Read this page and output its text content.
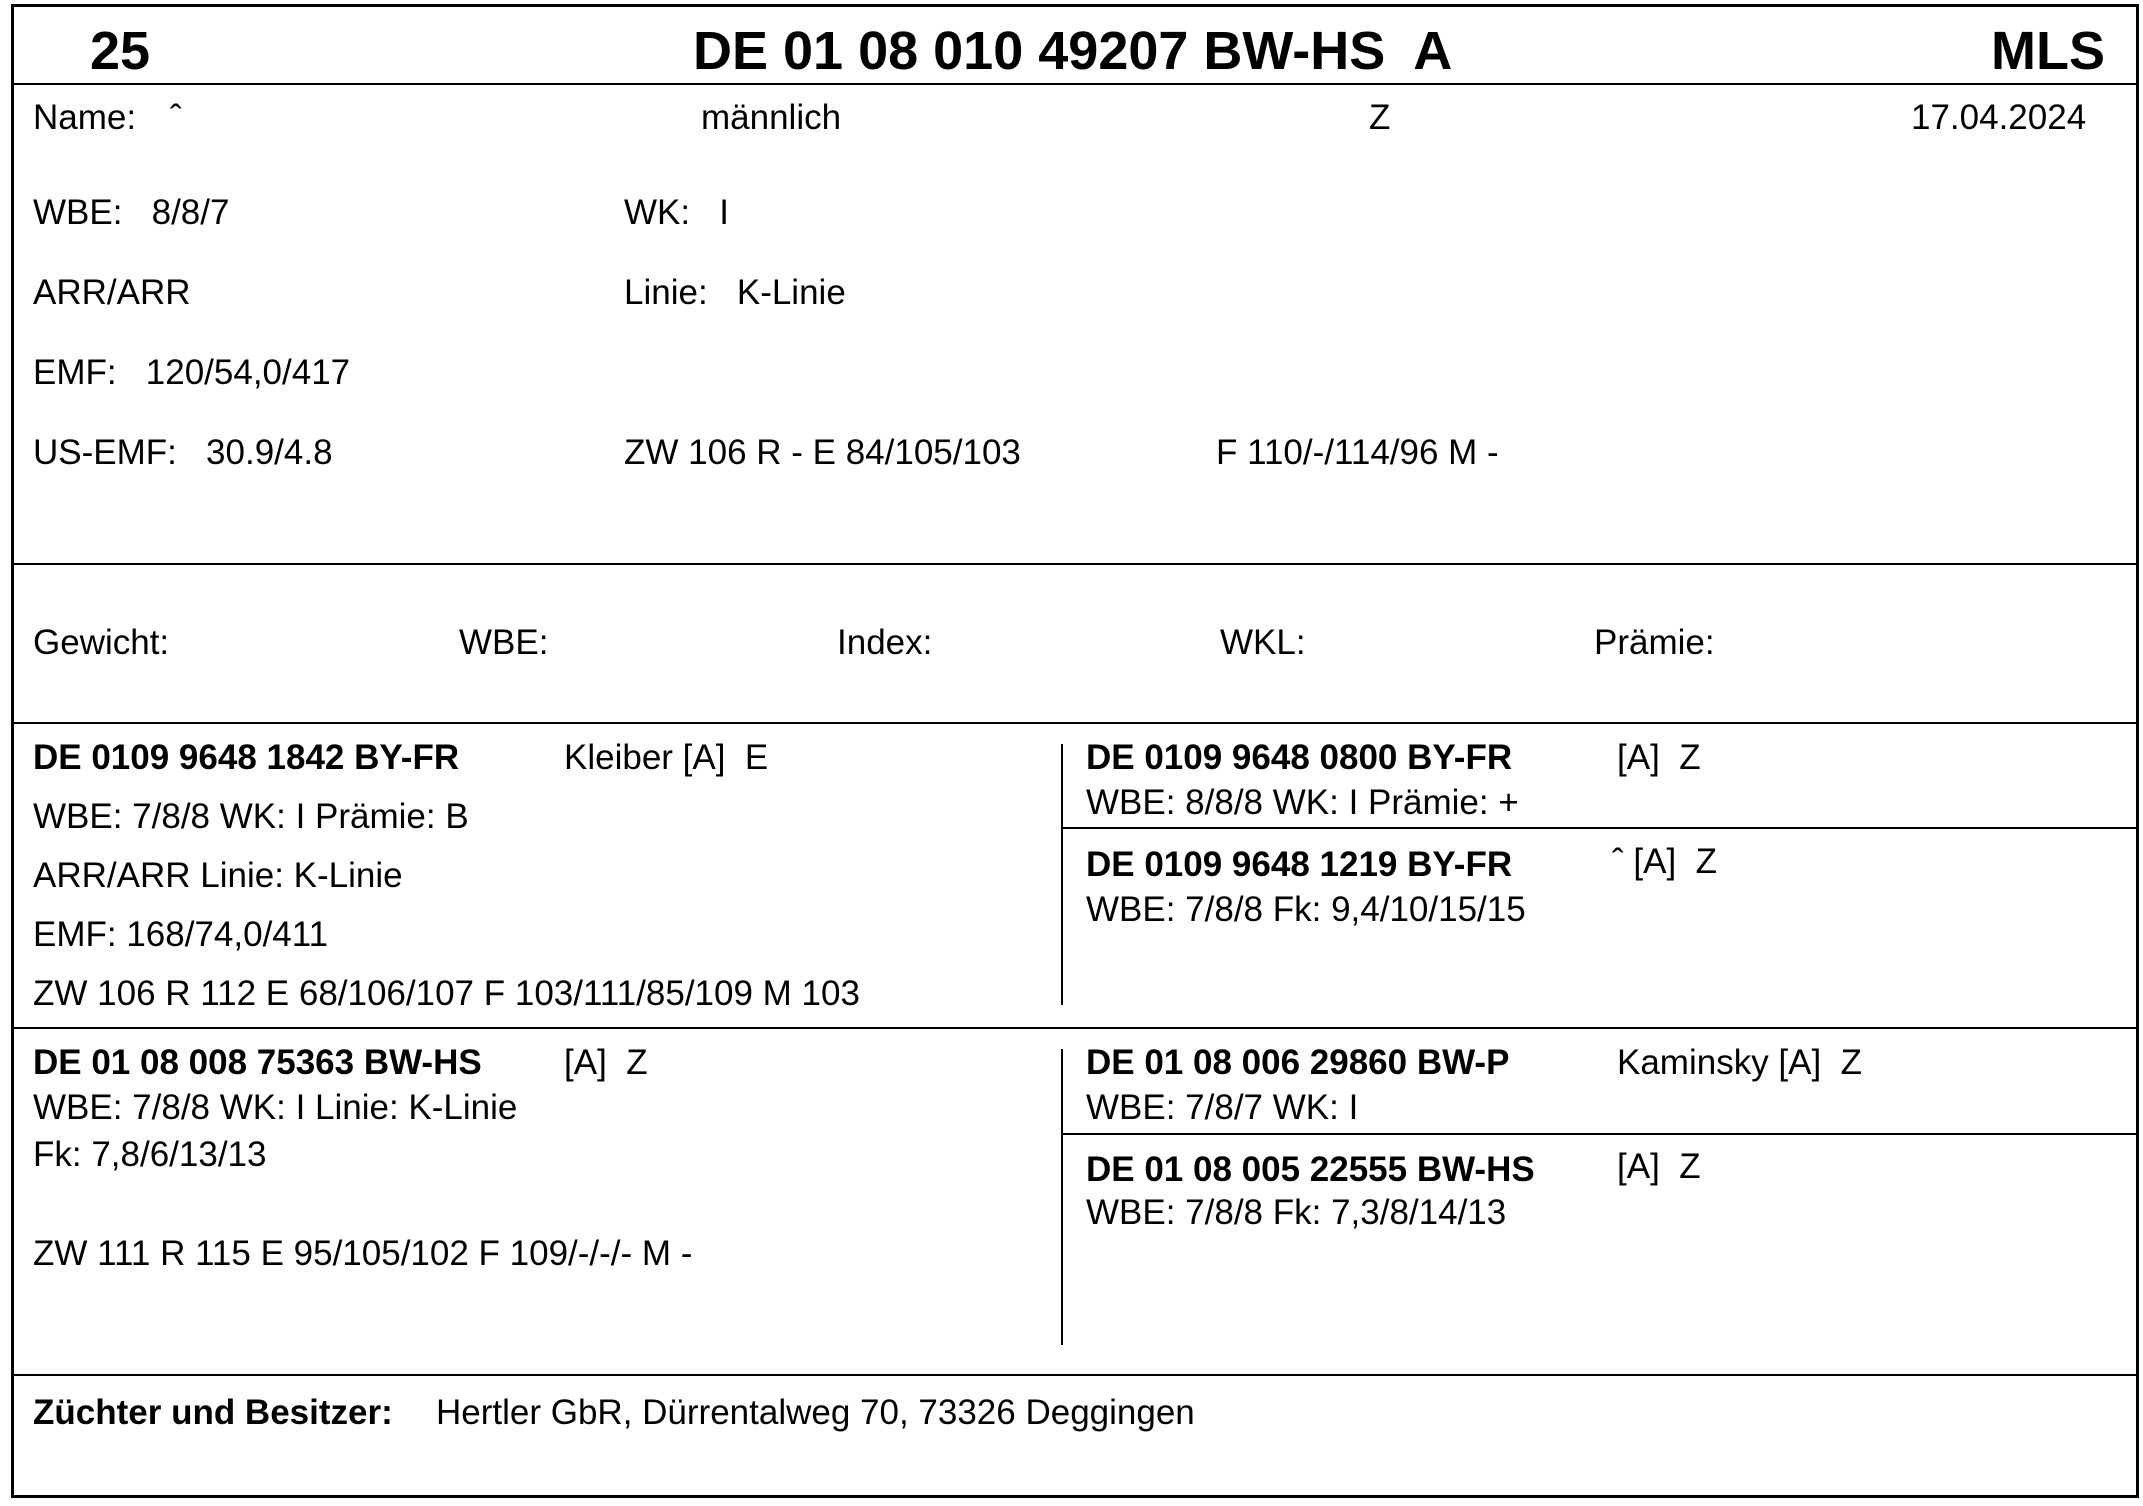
25	DE 01 08 010 49207 BW-HS  A	MLS
Name: ˆ	männlich	Z	17.04.2024
WBE:   8/8/7	WK:   I
ARR/ARR	Linie:   K-Linie
EMF:   120/54,0/417
US-EMF:   30.9/4.8	ZW 106 R - E 84/105/103	F 110/-/114/96 M -
Gewicht:	WBE:	Index:	WKL:	Prämie:
DE 0109 9648 1842 BY-FR	Kleiber [A]  E
WBE: 7/8/8 WK: I Prämie: B
ARR/ARR Linie: K-Linie
EMF: 168/74,0/411
ZW 106 R 112 E 68/106/107 F 103/111/85/109 M 103
DE 0109 9648 0800 BY-FR	[A]  Z
WBE: 8/8/8 WK: I Prämie: +
DE 0109 9648 1219 BY-FR	ˆ [A]  Z
WBE: 7/8/8 Fk: 9,4/10/15/15
DE 01 08 008 75363 BW-HS [A]  Z
WBE: 7/8/8 WK: I Linie: K-Linie
Fk: 7,8/6/13/13
ZW 111 R 115 E 95/105/102 F 109/-/-/- M -
DE 01 08 006 29860 BW-P	Kaminsky [A]  Z
WBE: 7/8/7 WK: I
DE 01 08 005 22555 BW-HS [A]  Z
WBE: 7/8/8 Fk: 7,3/8/14/13
Züchter und Besitzer: Hertler GbR, Dürrentalweg 70, 73326 Deggingen
